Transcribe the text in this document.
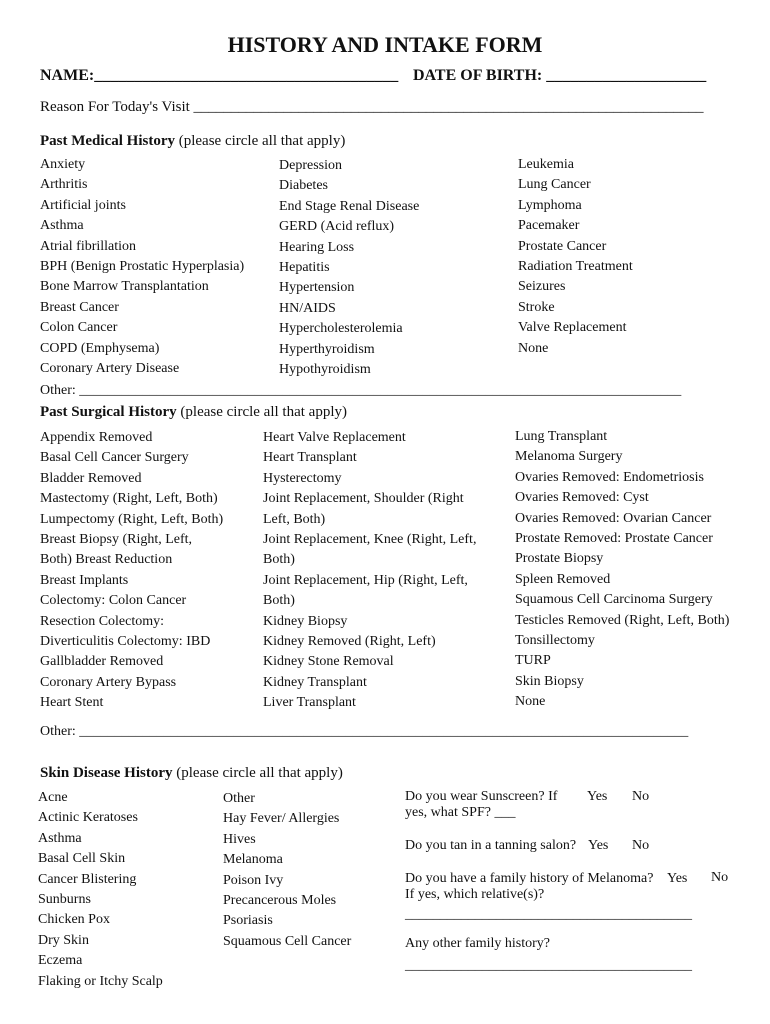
HISTORY AND INTAKE FORM
NAME:______________________________________ DATE OF BIRTH: ____________________
Reason For Today's Visit ____________________________________________________________________
Past Medical History (please circle all that apply)
Anxiety
Arthritis
Artificial joints
Asthma
Atrial fibrillation
BPH (Benign Prostatic Hyperplasia)
Bone Marrow Transplantation
Breast Cancer
Colon Cancer
COPD (Emphysema)
Coronary Artery Disease
Depression
Diabetes
End Stage Renal Disease
GERD (Acid reflux)
Hearing Loss
Hepatitis
Hypertension
HN/AIDS
Hypercholesterolemia
Hyperthyroidism
Hypothyroidism
Leukemia
Lung Cancer
Lymphoma
Pacemaker
Prostate Cancer
Radiation Treatment
Seizures
Stroke
Valve Replacement
None
Other: ______________________________________________________________________________________
Past Surgical History (please circle all that apply)
Appendix Removed
Basal Cell Cancer Surgery
Bladder Removed
Mastectomy (Right, Left, Both)
Lumpectomy (Right, Left, Both)
Breast Biopsy (Right, Left,
Both) Breast Reduction
Breast Implants
Colectomy: Colon Cancer
Resection Colectomy:
Diverticulitis Colectomy: IBD
Gallbladder Removed
Coronary Artery Bypass
Heart Stent
Heart Valve Replacement
Heart Transplant
Hysterectomy
Joint Replacement, Shoulder (Right
Left, Both)
Joint Replacement, Knee (Right, Left,
Both)
Joint Replacement, Hip (Right, Left,
Both)
Kidney Biopsy
Kidney Removed (Right, Left)
Kidney Stone Removal
Kidney Transplant
Liver Transplant
Lung Transplant
Melanoma Surgery
Ovaries Removed: Endometriosis
Ovaries Removed: Cyst
Ovaries Removed: Ovarian Cancer
Prostate Removed: Prostate Cancer
Prostate Biopsy
Spleen Removed
Squamous Cell Carcinoma Surgery
Testicles Removed (Right, Left, Both)
Tonsillectomy
TURP
Skin Biopsy
None
Other: _______________________________________________________________________________________
Skin Disease History (please circle all that apply)
Acne
Actinic Keratoses
Asthma
Basal Cell Skin
Cancer Blistering
Sunburns
Chicken Pox
Dry Skin
Eczema
Flaking or Itchy Scalp
Other
Hay Fever/ Allergies
Hives
Melanoma
Poison Ivy
Precancerous Moles
Psoriasis
Squamous Cell Cancer
Do you wear Sunscreen? If Yes No
yes, what SPF? ___
Do you tan in a tanning salon? Yes No
Do you have a family history of Melanoma? Yes No
If yes, which relative(s)?
_________________________________________
Any other family history?
_________________________________________
